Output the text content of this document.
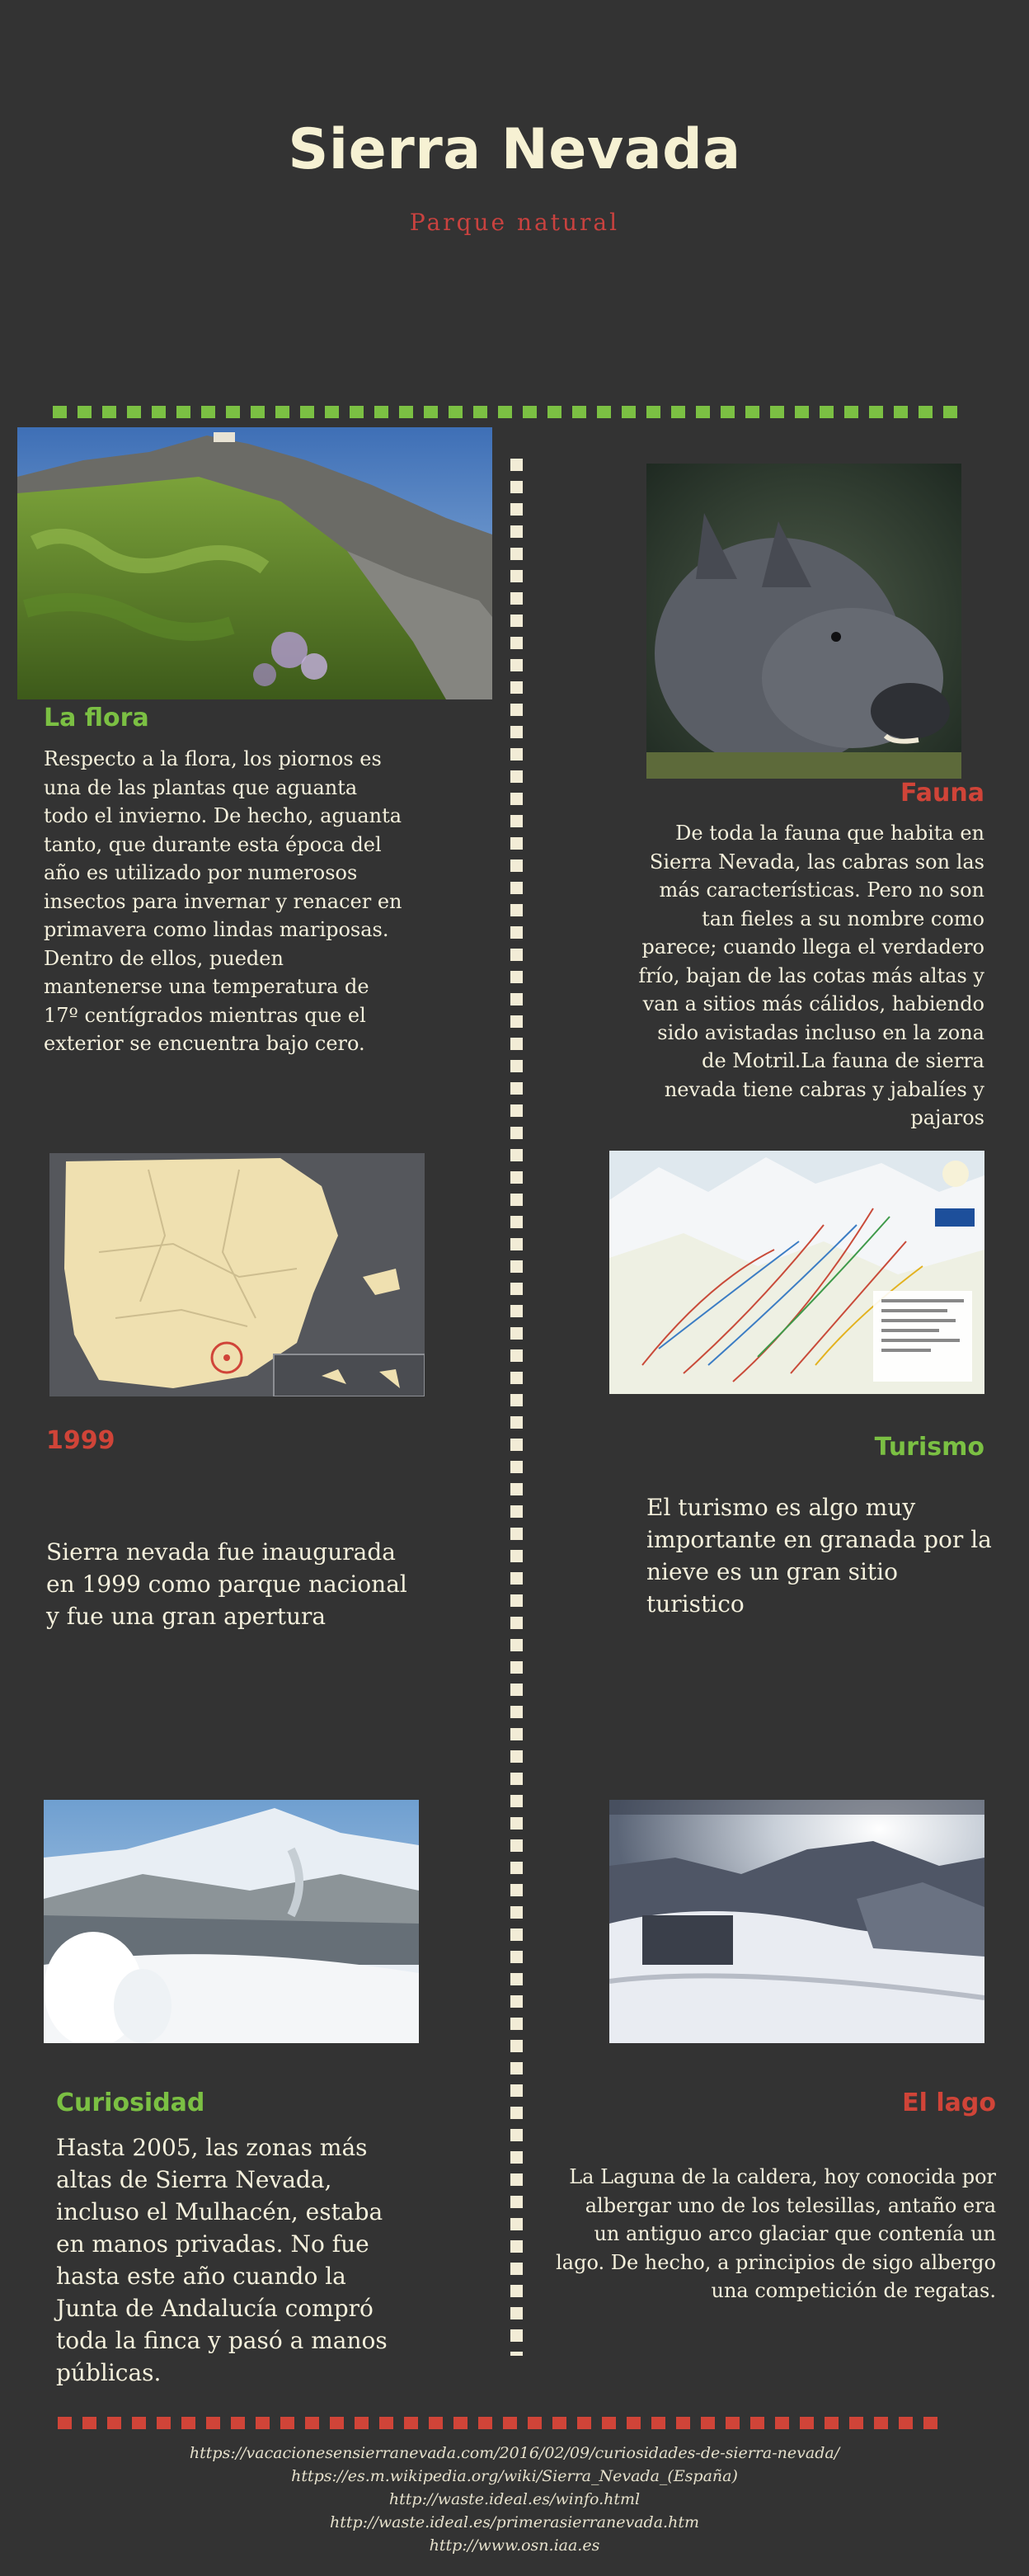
Sierra Nevada
Parque natural
La flora
Respecto a la flora, los piornos es una de las plantas que aguanta todo el invierno. De hecho, aguanta tanto, que durante esta época del año es utilizado por numerosos insectos para invernar y renacer en primavera como lindas mariposas. Dentro de ellos, pueden mantenerse una temperatura de 17º centígrados mientras que el exterior se encuentra bajo cero.
Fauna
De toda la fauna que habita en Sierra Nevada, las cabras son las más características. Pero no son tan fieles a su nombre como parece; cuando llega el verdadero frío, bajan de las cotas más altas y van a sitios más cálidos, habiendo sido avistadas incluso en la zona de Motril.La fauna de sierra nevada tiene cabras y jabalíes y pajaros
1999
Sierra nevada fue inaugurada en 1999 como parque nacional y fue una gran apertura
Turismo
El turismo es algo muy importante en granada por la nieve es un gran sitio turistico
Curiosidad
Hasta 2005, las zonas más altas de Sierra Nevada, incluso el Mulhacén, estaba en manos privadas. No fue hasta este año cuando la Junta de Andalucía compró toda la finca y pasó a manos públicas.
El lago
La Laguna de la caldera, hoy conocida por albergar uno de los telesillas, antaño era un antiguo arco glaciar que contenía un lago. De hecho, a principios de sigo albergo una competición de regatas.
https://vacacionesensierranevada.com/2016/02/09/curiosidades-de-sierra-nevada/
https://es.m.wikipedia.org/wiki/Sierra_Nevada_(España)
http://waste.ideal.es/winfo.html
http://waste.ideal.es/primerasierranevada.htm
http://www.osn.iaa.es
